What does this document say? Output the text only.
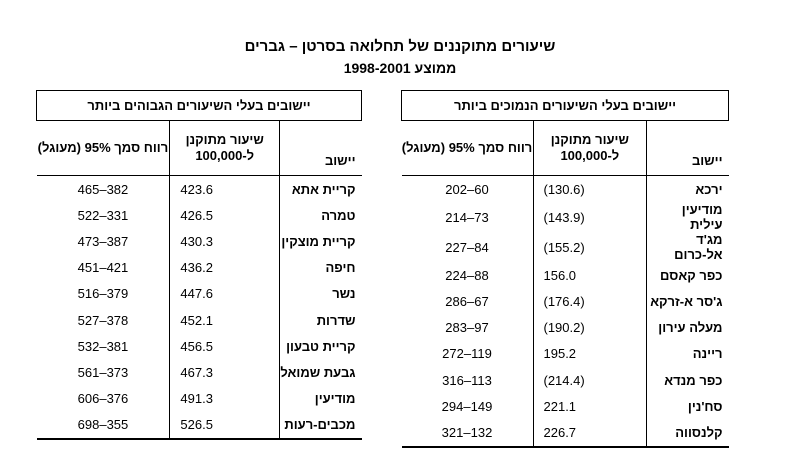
שיעורים מתוקננים של תחלואה בסרטן – גברים
ממוצע 1998-2001
יישובים בעלי השיעורים הגבוהים ביותר		
יישוב	שיעור מתוקנן ל-100,000	רווח סמך 95% (מעוגל)
קריית אתא	423.6	382–465
טמרה	426.5	331–522
קריית מוצקין	430.3	387–473
חיפה	436.2	421–451
נשר	447.6	379–516
שדרות	452.1	378–527
קריית טבעון	456.5	381–532
גבעת שמואל	467.3	373–561
מודיעין	491.3	376–606
מכבים-רעות	526.5	355–698
יישובים בעלי השיעורים הנמוכים ביותר		
יישוב	שיעור מתוקנן ל-100,000	רווח סמך 95% (מעוגל)
ירכא	(130.6)	60–202
מודיעין עילית	(143.9)	73–214
מג'ד אל-כרום	(155.2)	84–227
כפר קאסם	156.0	88–224
ג'סר א-זרקא	(176.4)	67–286
מעלה עירון	(190.2)	97–283
ריינה	195.2	119–272
כפר מנדא	(214.4)	113–316
סח'נין	221.1	149–294
קלנסווה	226.7	132–321
